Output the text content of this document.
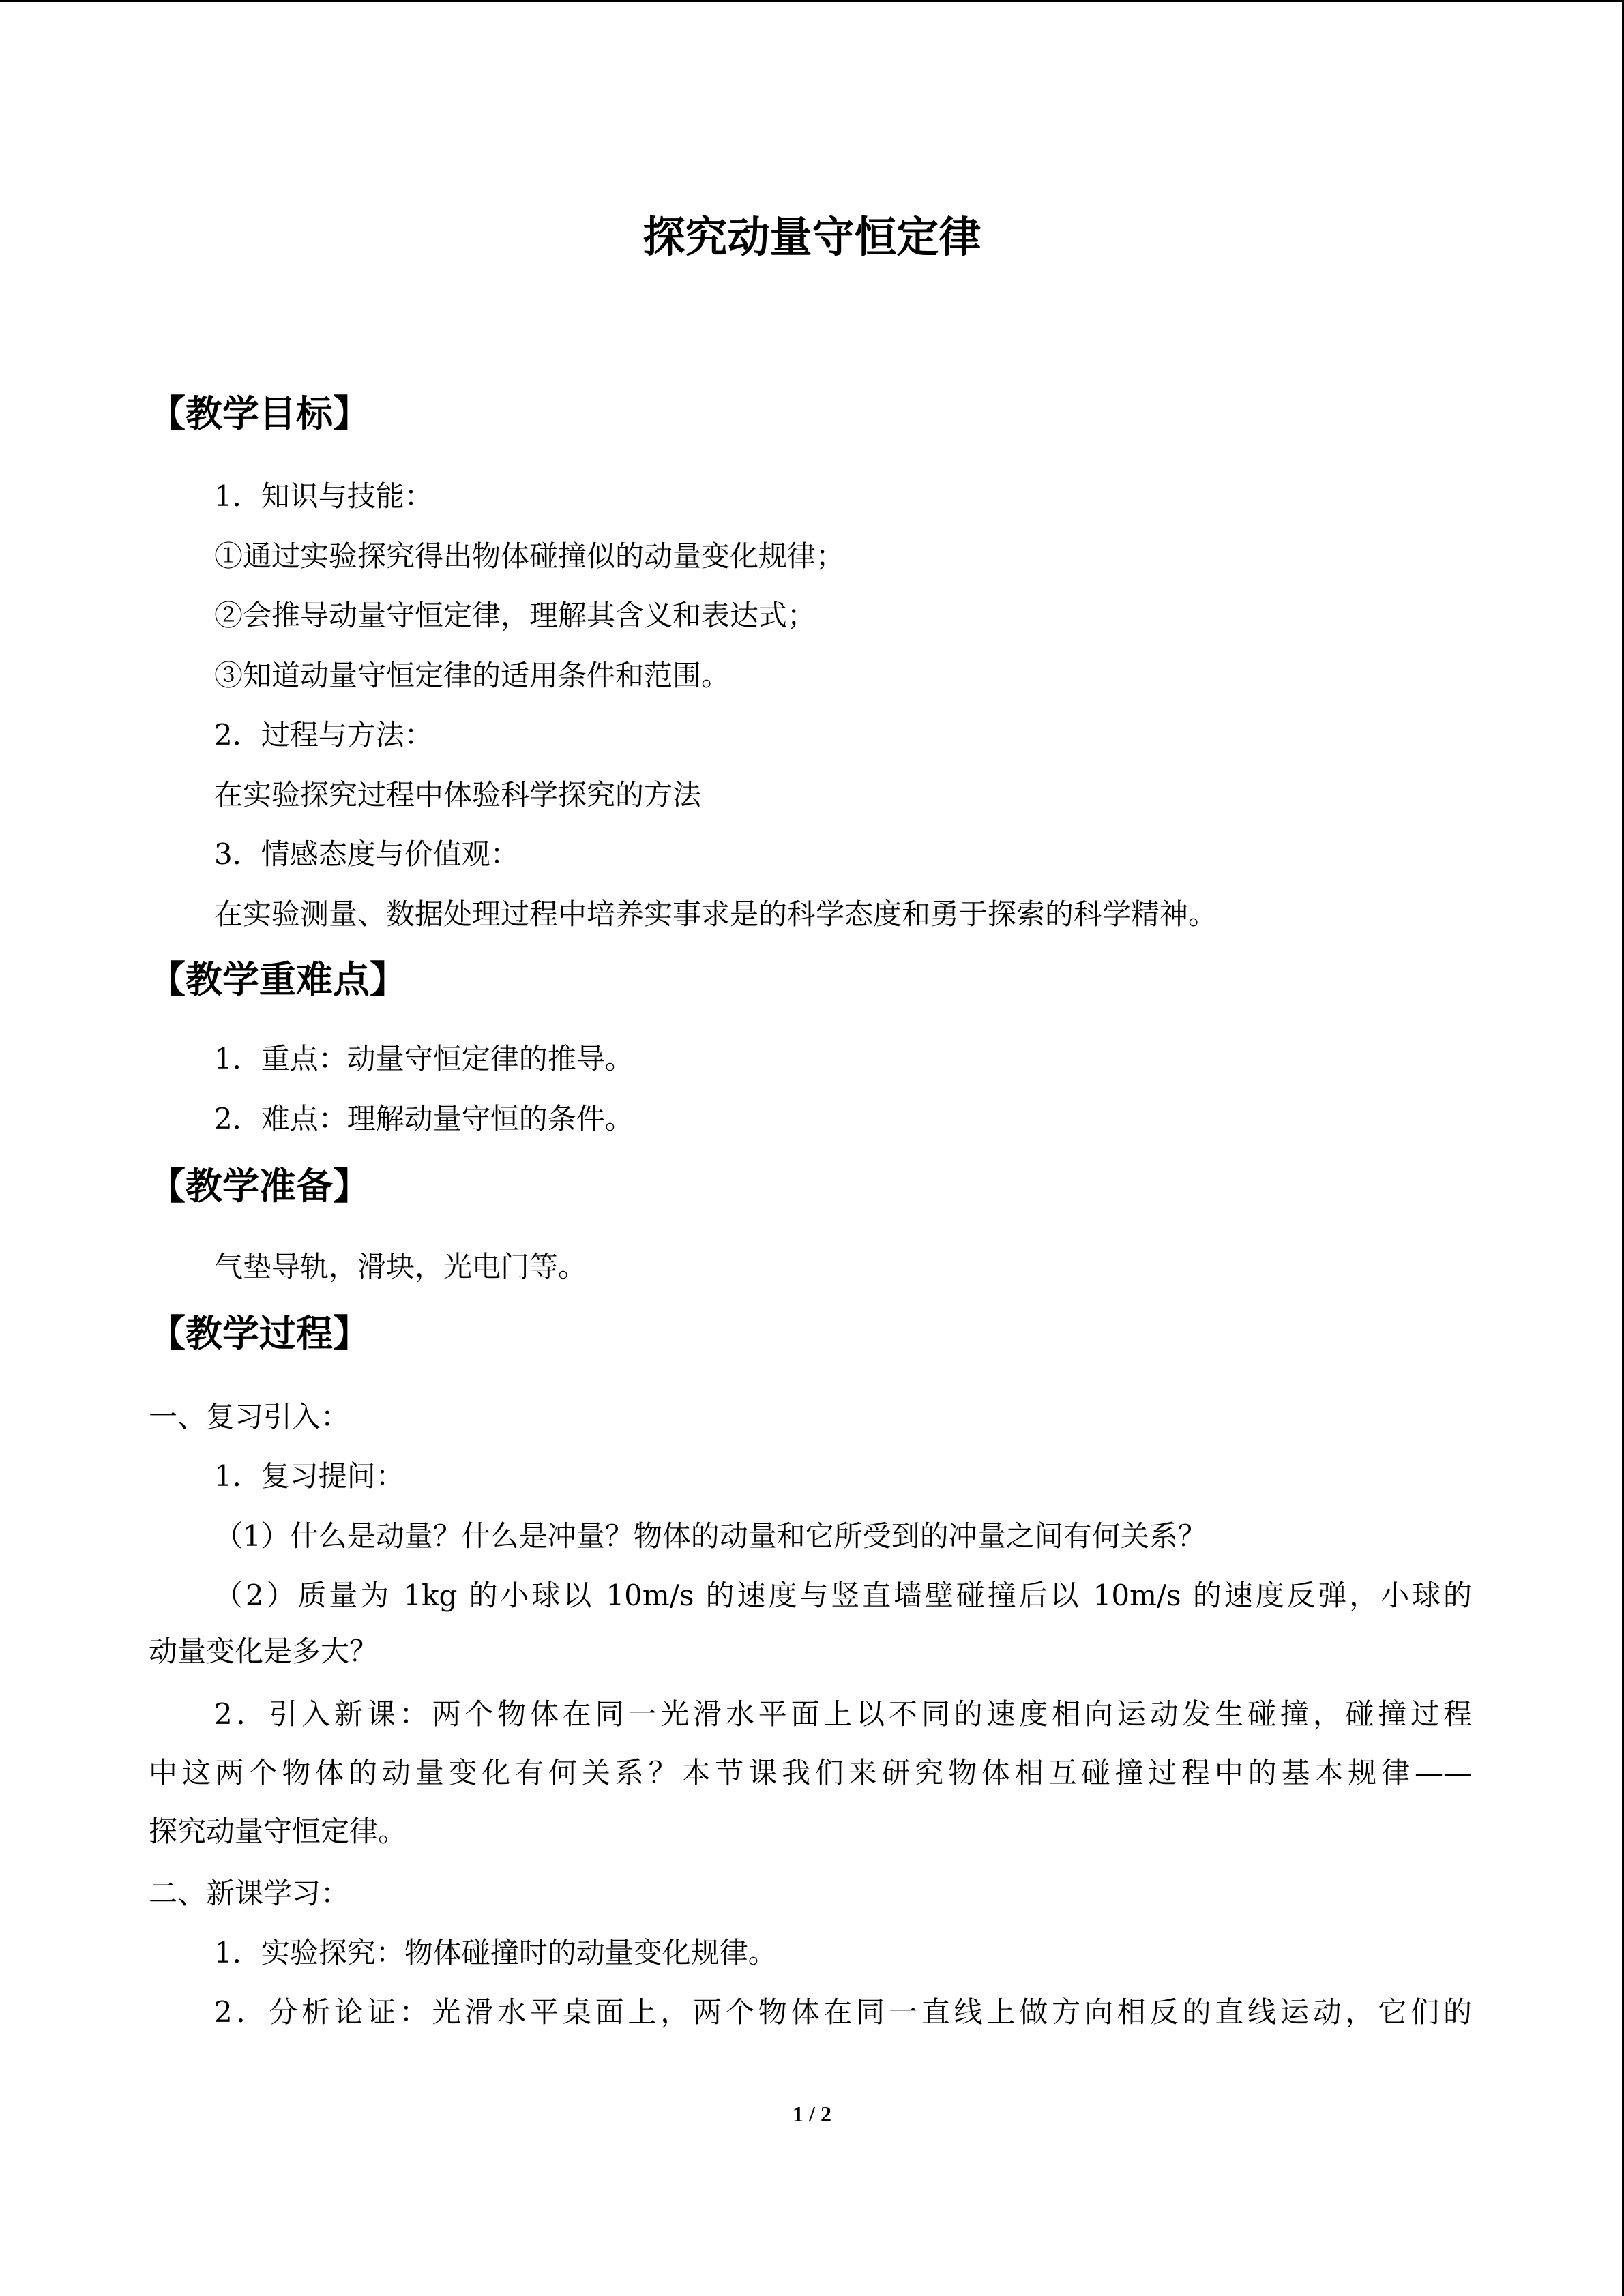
探究动量守恒定律
【教学目标】

1．知识与技能：

①通过实验探究得出物体碰撞似的动量变化规律；

②会推导动量守恒定律，理解其含义和表达式；

③知道动量守恒定律的适用条件和范围。

2．过程与方法：

在实验探究过程中体验科学探究的方法

3．情感态度与价值观：

在实验测量、数据处理过程中培养实事求是的科学态度和勇于探索的科学精神。

【教学重难点】

1．重点：动量守恒定律的推导。

2．难点：理解动量守恒的条件。

【教学准备】

气垫导轨，滑块，光电门等。

【教学过程】

一、复习引入：

1．复习提问：

（1）什么是动量？什么是冲量？物体的动量和它所受到的冲量之间有何关系？

（2）质量为 1kg 的小球以 10m/s 的速度与竖直墙壁碰撞后以 10m/s 的速度反弹，小球的

动量变化是多大？

2．引入新课：两个物体在同一光滑水平面上以不同的速度相向运动发生碰撞，碰撞过程

中这两个物体的动量变化有何关系？本节课我们来研究物体相互碰撞过程中的基本规律——

探究动量守恒定律。

二、新课学习：

1．实验探究：物体碰撞时的动量变化规律。

2．分析论证：光滑水平桌面上，两个物体在同一直线上做方向相反的直线运动，它们的

1 / 2
